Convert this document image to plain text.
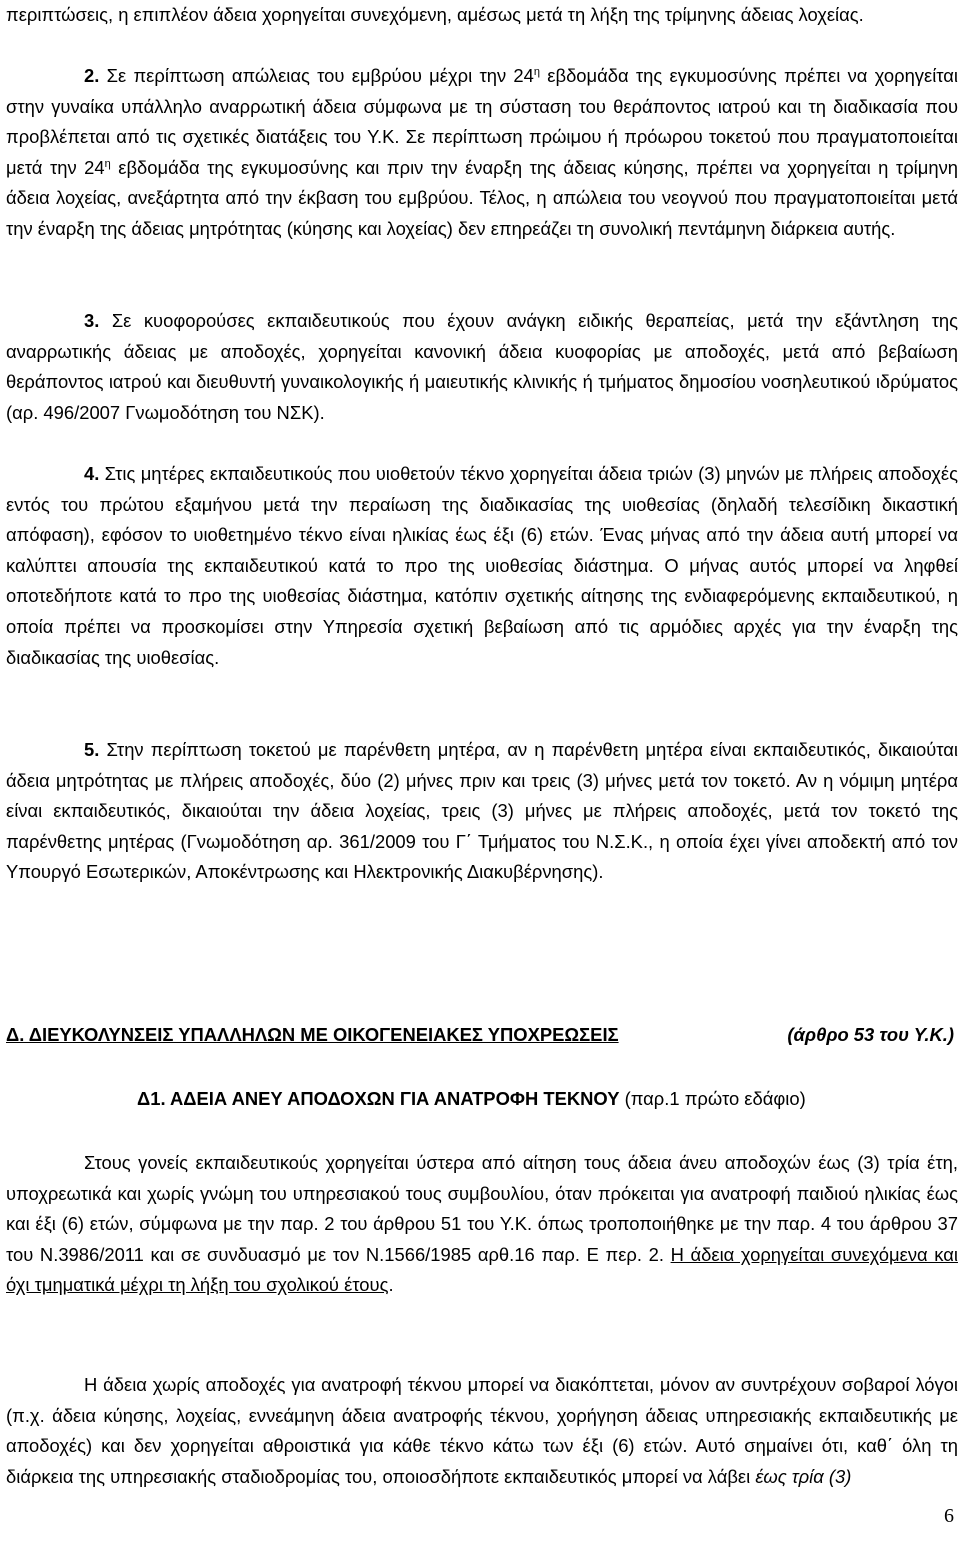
περιπτώσεις, η επιπλέον άδεια χορηγείται συνεχόμενη, αμέσως μετά τη λήξη της τρίμηνης άδειας λοχείας.

2. Σε περίπτωση απώλειας του εμβρύου μέχρι την $24^\eta$ εβδομάδα της εγκυμοσύνης πρέπει να χορηγείται στην γυναίκα υπάλληλο αναρρωτική άδεια σύμφωνα με τη σύσταση του θεράποντος ιατρού και τη διαδικασία που προβλέπεται από τις σχετικές διατάξεις του Υ.Κ. Σε περίπτωση πρώιμου ή πρόωρου τοκετού που πραγματοποιείται μετά την $24^\eta$ εβδομάδα της εγκυμοσύνης και πριν την έναρξη της άδειας κύησης, πρέπει να χορηγείται η τρίμηνη άδεια λοχείας, ανεξάρτητα από την έκβαση του εμβρύου. Τέλος, η απώλεια του νεογνού που πραγματοποιείται μετά την έναρξη της άδειας μητρότητας (κύησης και λοχείας) δεν επηρεάζει τη συνολική πεντάμηνη διάρκεια αυτής.

3. Σε κυοφορούσες εκπαιδευτικούς που έχουν ανάγκη ειδικής θεραπείας, μετά την εξάντληση της αναρρωτικής άδειας με αποδοχές, χορηγείται κανονική άδεια κυοφορίας με αποδοχές, μετά από βεβαίωση θεράποντος ιατρού και διευθυντή γυναικολογικής ή μαιευτικής κλινικής ή τμήματος δημοσίου νοσηλευτικού ιδρύματος (αρ. 496/2007 Γνωμοδότηση του ΝΣΚ).

4. Στις μητέρες εκπαιδευτικούς που υιοθετούν τέκνο χορηγείται άδεια τριών (3) μηνών με πλήρεις αποδοχές εντός του πρώτου εξαμήνου μετά την περαίωση της διαδικασίας της υιοθεσίας (δηλαδή τελεσίδικη δικαστική απόφαση), εφόσον το υιοθετημένο τέκνο είναι ηλικίας έως έξι (6) ετών. Ένας μήνας από την άδεια αυτή μπορεί να καλύπτει απουσία της εκπαιδευτικού κατά το προ της υιοθεσίας διάστημα. Ο μήνας αυτός μπορεί να ληφθεί οποτεδήποτε κατά το προ της υιοθεσίας διάστημα, κατόπιν σχετικής αίτησης της ενδιαφερόμενης εκπαιδευτικού, η οποία πρέπει να προσκομίσει στην Υπηρεσία σχετική βεβαίωση από τις αρμόδιες αρχές για την έναρξη της διαδικασίας της υιοθεσίας.

5. Στην περίπτωση τοκετού με παρένθετη μητέρα, αν η παρένθετη μητέρα είναι εκπαιδευτικός, δικαιούται άδεια μητρότητας με πλήρεις αποδοχές, δύο (2) μήνες πριν και τρεις (3) μήνες μετά τον τοκετό. Αν η νόμιμη μητέρα είναι εκπαιδευτικός, δικαιούται την άδεια λοχείας, τρεις (3) μήνες με πλήρεις αποδοχές, μετά τον τοκετό της παρένθετης μητέρας (Γνωμοδότηση αρ. 361/2009 του Γ΄ Τμήματος του Ν.Σ.Κ., η οποία έχει γίνει αποδεκτή από τον Υπουργό Εσωτερικών, Αποκέντρωσης και Ηλεκτρονικής Διακυβέρνησης).

Δ. ΔΙΕΥΚΟΛΥΝΣΕΙΣ ΥΠΑΛΛΗΛΩΝ ΜΕ ΟΙΚΟΓΕΝΕΙΑΚΕΣ ΥΠΟΧΡΕΩΣΕΙΣ	(άρθρο 53 του Υ.Κ.)
Δ1. ΑΔΕΙΑ ΑΝΕΥ ΑΠΟΔΟΧΩΝ ΓΙΑ ΑΝΑΤΡΟΦΗ ΤΕΚΝΟΥ (παρ.1 πρώτο εδάφιο)

Στους γονείς εκπαιδευτικούς χορηγείται ύστερα από αίτηση τους άδεια άνευ αποδοχών έως (3) τρία έτη, υποχρεωτικά και χωρίς γνώμη του υπηρεσιακού τους συμβουλίου, όταν πρόκειται για ανατροφή παιδιού ηλικίας έως και έξι (6) ετών, σύμφωνα με την παρ. 2 του άρθρου 51 του Υ.Κ. όπως τροποποιήθηκε με την παρ. 4 του άρθρου 37 του Ν.3986/2011 και σε συνδυασμό με τον Ν.1566/1985 αρθ.16 παρ. Ε περ. 2. Η άδεια χορηγείται συνεχόμενα και όχι τμηματικά μέχρι τη λήξη του σχολικού έτους.

Η άδεια χωρίς αποδοχές για ανατροφή τέκνου μπορεί να διακόπτεται, μόνον αν συντρέχουν σοβαροί λόγοι (π.χ. άδεια κύησης, λοχείας, εννεάμηνη άδεια ανατροφής τέκνου, χορήγηση άδειας υπηρεσιακής εκπαιδευτικής με αποδοχές) και δεν χορηγείται αθροιστικά για κάθε τέκνο κάτω των έξι (6) ετών. Αυτό σημαίνει ότι, καθ΄ όλη τη διάρκεια της υπηρεσιακής σταδιοδρομίας του, οποιοσδήποτε εκπαιδευτικός μπορεί να λάβει έως τρία (3)

6
